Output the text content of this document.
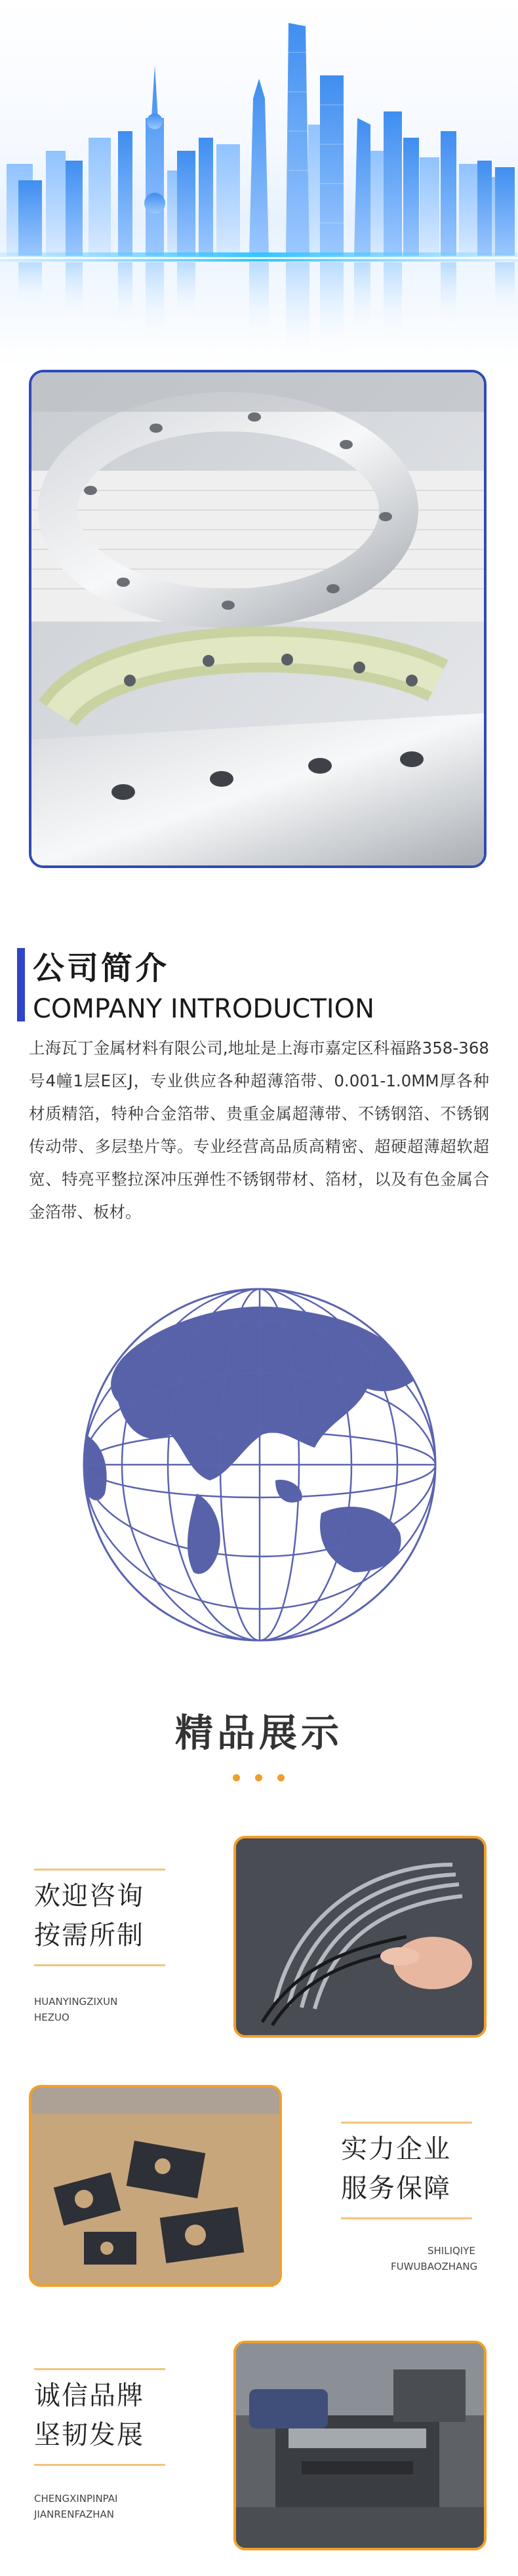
公司简介
COMPANY INTRODUCTION
上海瓦丁金属材料有限公司,地址是上海市嘉定区科福路358-368号4幢1层E区J，专业供应各种超薄箔带、0.001-1.0MM厚各种材质精箔，特种合金箔带、贵重金属超薄带、不锈钢箔、不锈钢传动带、多层垫片等。专业经营高品质高精密、超硬超薄超软超宽、特亮平整拉深冲压弹性不锈钢带材、箔材，以及有色金属合金箔带、板材。
精品展示
欢迎咨询
按需所制
HUANYINGZIXUN
HEZUO
实力企业
服务保障
SHILIQIYE
FUWUBAOZHANG
诚信品牌
坚韧发展
CHENGXINPINPAI
JIANRENFAZHAN
